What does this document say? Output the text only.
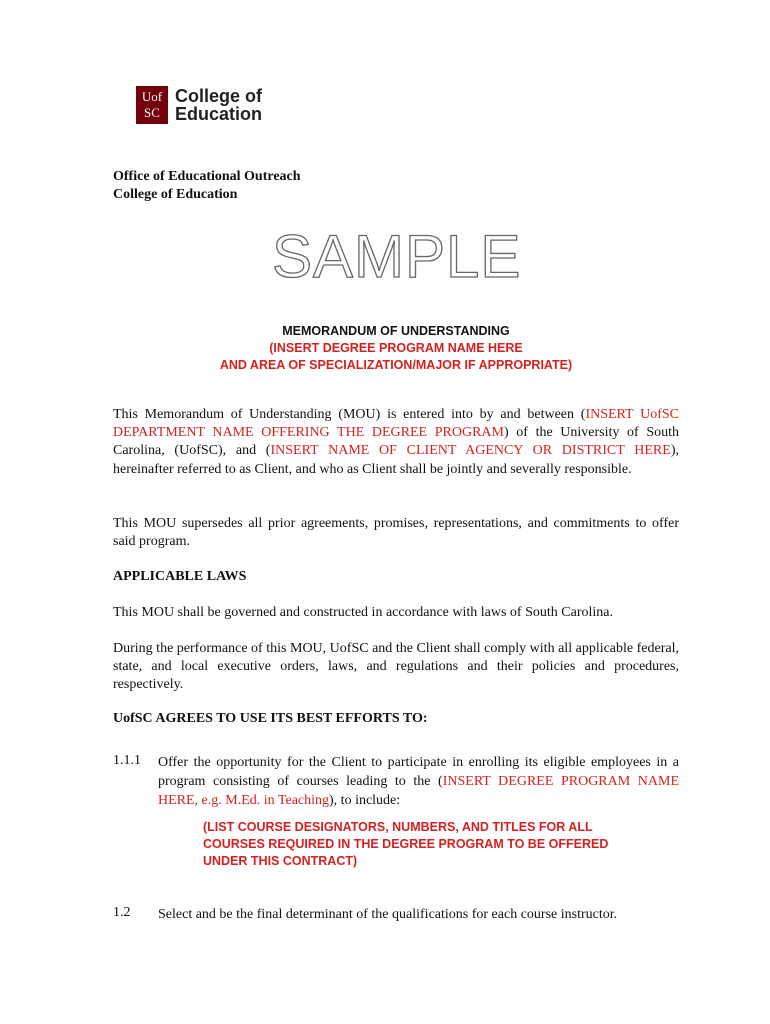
Uof
SC
College of
Education
Office of Educational Outreach
College of Education
SAMPLE
MEMORANDUM OF UNDERSTANDING
(INSERT DEGREE PROGRAM NAME HERE
AND AREA OF SPECIALIZATION/MAJOR IF APPROPRIATE)

This Memorandum of Understanding (MOU) is entered into by and between (INSERT UofSC DEPARTMENT NAME OFFERING THE DEGREE PROGRAM) of the University of South Carolina, (UofSC), and (INSERT NAME OF CLIENT AGENCY OR DISTRICT HERE), hereinafter referred to as Client, and who as Client shall be jointly and severally responsible.

This MOU supersedes all prior agreements, promises, representations, and commitments to offer said program.

APPLICABLE LAWS

This MOU shall be governed and constructed in accordance with laws of South Carolina.

During the performance of this MOU, UofSC and the Client shall comply with all applicable federal, state, and local executive orders, laws, and regulations and their policies and procedures, respectively.

UofSC AGREES TO USE ITS BEST EFFORTS TO:
1.1.1 Offer the opportunity for the Client to participate in enrolling its eligible employees in a program consisting of courses leading to the (INSERT DEGREE PROGRAM NAME HERE, e.g. M.Ed. in Teaching), to include:

(LIST COURSE DESIGNATORS, NUMBERS, AND TITLES FOR ALL
COURSES REQUIRED IN THE DEGREE PROGRAM TO BE OFFERED
UNDER THIS CONTRACT)
1.2 Select and be the final determinant of the qualifications for each course instructor.
